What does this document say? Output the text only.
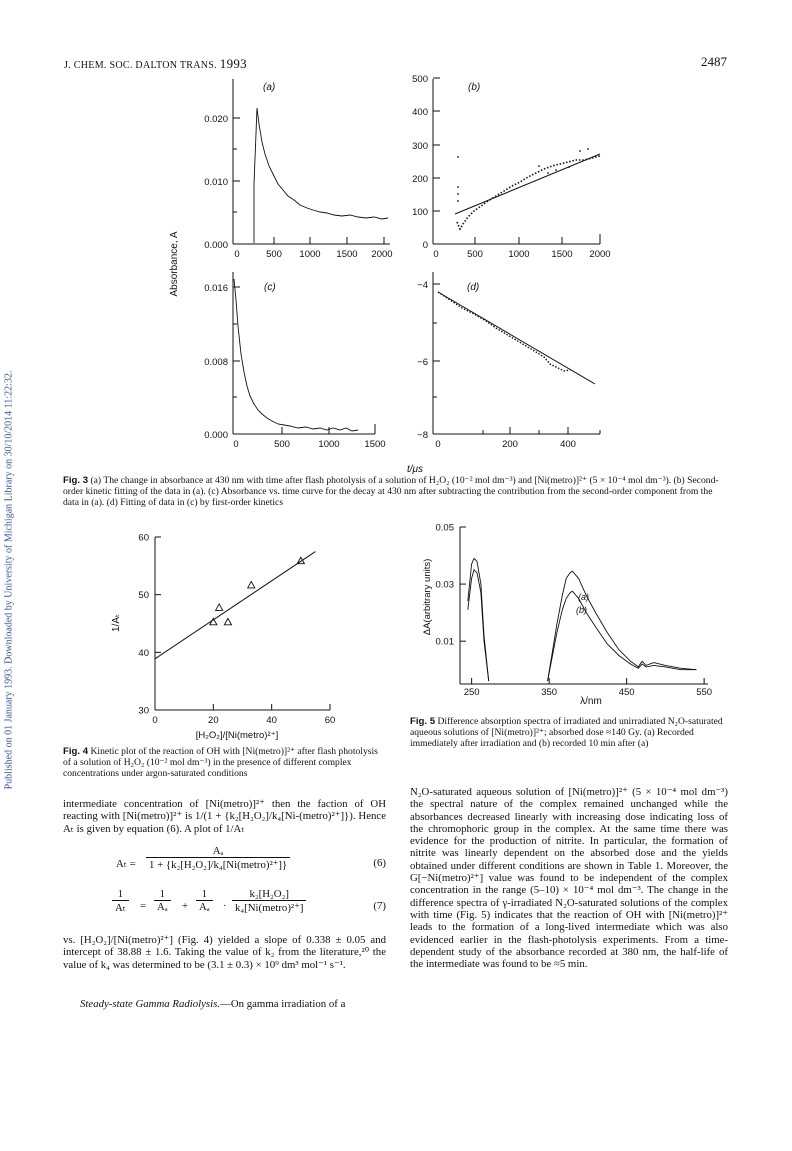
J. CHEM. SOC. DALTON TRANS. 1993	2487
Published on 01 January 1993. Downloaded by University of Michigan Library on 30/10/2014 11:22:32.
(a)
0.020
0.010
0.000
0	500 1000 1500 2000
(b)
500
400
300
200
100
0
0	500	1000 1500 2000
(c)
0.016
0.008
0.000
0	500	1000	1500
(d)
−4
−6
−8
0	200	400
Absorbance, A
t/μs
Fig. 3 (a) The change in absorbance at 430 nm with time after flash photolysis of a solution of H₂O₂ (10⁻² mol dm⁻³) and [Ni(metro)]²⁺ (5 × 10⁻⁴ mol dm⁻³). (b) Second-order kinetic fitting of the data in (a). (c) Absorbance vs. time curve for the decay at 430 nm after subtracting the contribution from the second-order component from the data in (a). (d) Fitting of data in (c) by first-order kinetics
30
40
50
60
0	20	40	60
1/Aₜ
[H₂O₂]/[Ni(metro)²⁺]
Fig. 4 Kinetic plot of the reaction of OH with [Ni(metro)]²⁺ after flash photolysis of a solution of H₂O₂ (10⁻² mol dm⁻³) in the presence of different complex concentrations under argon-saturated conditions
0.01
0.03
0.05
250	350	450	550
(a)
(b)
ΔA(arbitrary units)
λ/nm
Fig. 5 Difference absorption spectra of irradiated and unirradiated N₂O-saturated aqueous solutions of [Ni(metro)]²⁺; absorbed dose ≈140 Gy. (a) Recorded immediately after irradiation and (b) recorded 10 min after (a)
intermediate concentration of [Ni(metro)]²⁺ then the faction of OH reacting with [Ni(metro)]²⁺ is 1/(1 + {k₂[H₂O₂]/k₄[Ni-(metro)²⁺]}). Hence Aₜ is given by equation (6). A plot of 1/Aₜ
Aₜ =
Aₐ
1 + {k₂[H₂O₂]/k₄[Ni(metro)²⁺]}	(6)
$\frac{1}{\text{Aₜ}} = \frac{1}{\text{Aₐ}} + \frac{1}{\text{Aₐ}}$ ·
k₂[H₂O₂]
k₄[Ni(metro)²⁺]	(7)
vs. [H₂O₂]/[Ni(metro)²⁺] (Fig. 4) yielded a slope of 0.338 ± 0.05 and intercept of 38.88 ± 1.6. Taking the value of k₂ from the literature,²⁰ the value of k₄ was determined to be (3.1 ± 0.3) × 10⁹ dm³ mol⁻¹ s⁻¹.
Steady-state Gamma Radiolysis.—On gamma irradiation of a
N₂O-saturated aqueous solution of [Ni(metro)]²⁺ (5 × 10⁻⁴ mol dm⁻³) the spectral nature of the complex remained unchanged while the absorbances decreased linearly with increasing dose indicating loss of the chromophoric group in the complex. At the same time there was evidence for the production of nitrite. In particular, the formation of nitrite was linearly dependent on the absorbed dose and the yields obtained under different conditions are shown in Table 1. Moreover, the G[−Ni(metro)²⁺] value was found to be independent of the complex concentration in the range (5–10) × 10⁻⁴ mol dm⁻³. The change in the difference spectra of γ-irradiated N₂O-saturated solutions of the complex with time (Fig. 5) indicates that the reaction of OH with [Ni(metro)]²⁺ leads to the formation of a long-lived intermediate which was also evidenced earlier in the flash-photolysis experiments. From a time-dependent study of the absorbance recorded at 380 nm, the half-life of the intermediate was found to be ≈5 min.
